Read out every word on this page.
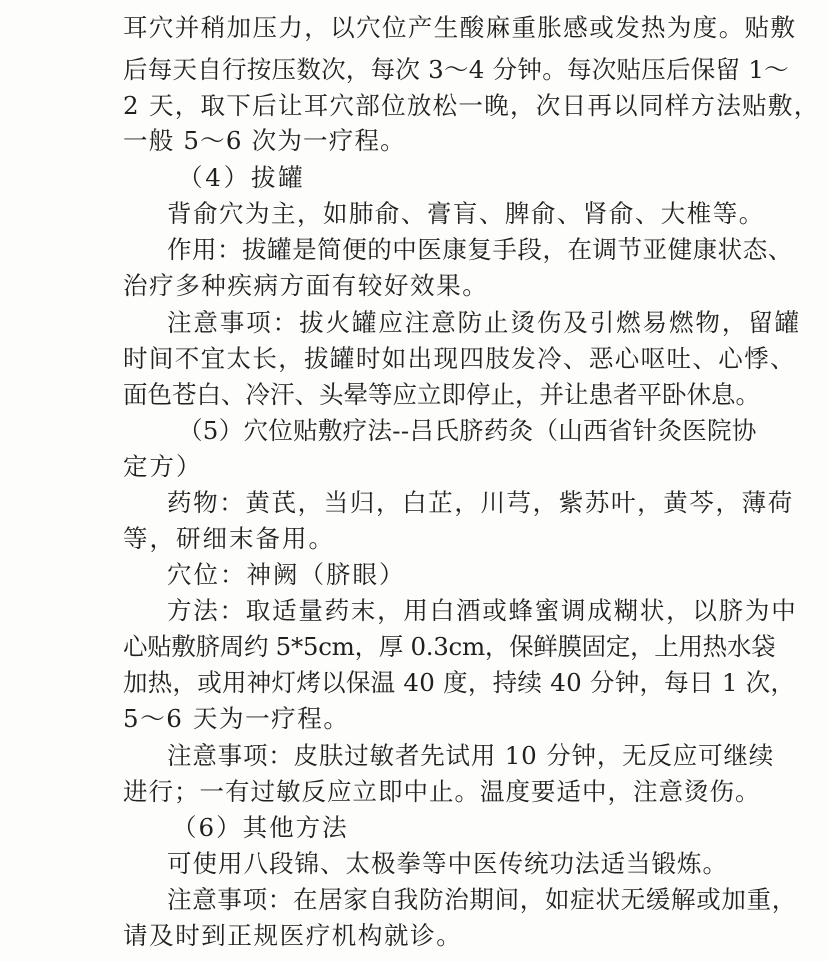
耳穴并稍加压力，以穴位产生酸麻重胀感或发热为度。贴敷
后每天自行按压数次，每次 3～4 分钟。每次贴压后保留 1～
2 天，取下后让耳穴部位放松一晚，次日再以同样方法贴敷，
一般 5～6 次为一疗程。
（4）拔罐
背俞穴为主，如肺俞、膏肓、脾俞、肾俞、大椎等。
作用：拔罐是简便的中医康复手段，在调节亚健康状态、
治疗多种疾病方面有较好效果。
注意事项：拔火罐应注意防止烫伤及引燃易燃物，留罐
时间不宜太长，拔罐时如出现四肢发冷、恶心呕吐、心悸、
面色苍白、冷汗、头晕等应立即停止，并让患者平卧休息。
（5）穴位贴敷疗法--吕氏脐药灸（山西省针灸医院协
定方）
药物：黄芪，当归，白芷，川芎，紫苏叶，黄芩，薄荷
等，研细末备用。
穴位：神阙（脐眼）
方法：取适量药末，用白酒或蜂蜜调成糊状，以脐为中
心贴敷脐周约 5*5cm，厚 0.3cm，保鲜膜固定，上用热水袋
加热，或用神灯烤以保温 40 度，持续 40 分钟，每日 1 次，
5～6 天为一疗程。
注意事项：皮肤过敏者先试用 10 分钟，无反应可继续
进行；一有过敏反应立即中止。温度要适中，注意烫伤。
（6）其他方法
可使用八段锦、太极拳等中医传统功法适当锻炼。
注意事项：在居家自我防治期间，如症状无缓解或加重，
请及时到正规医疗机构就诊。
